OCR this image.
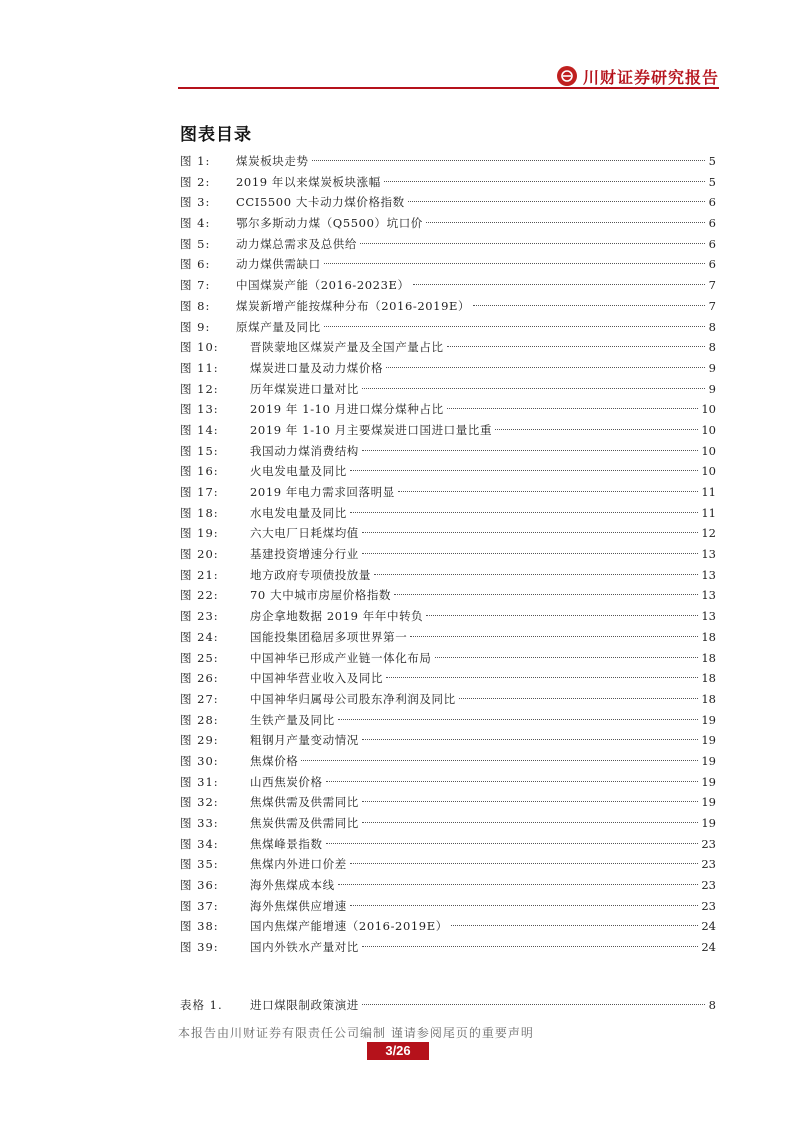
川财证券研究报告
图表目录
图 1:	煤炭板块走势	5
图 2:	2019 年以来煤炭板块涨幅	5
图 3:	CCI5500 大卡动力煤价格指数	6
图 4:	鄂尔多斯动力煤（Q5500）坑口价	6
图 5:	动力煤总需求及总供给	6
图 6:	动力煤供需缺口	6
图 7:	中国煤炭产能（2016-2023E）	7
图 8:	煤炭新增产能按煤种分布（2016-2019E）	7
图 9:	原煤产量及同比	8
图 10:	晋陕蒙地区煤炭产量及全国产量占比	8
图 11:	煤炭进口量及动力煤价格	9
图 12:	历年煤炭进口量对比	9
图 13:	2019 年 1-10 月进口煤分煤种占比	10
图 14:	2019 年 1-10 月主要煤炭进口国进口量比重	10
图 15:	我国动力煤消费结构	10
图 16:	火电发电量及同比	10
图 17:	2019 年电力需求回落明显	11
图 18:	水电发电量及同比	11
图 19:	六大电厂日耗煤均值	12
图 20:	基建投资增速分行业	13
图 21:	地方政府专项债投放量	13
图 22:	70 大中城市房屋价格指数	13
图 23:	房企拿地数据 2019 年年中转负	13
图 24:	国能投集团稳居多项世界第一	18
图 25:	中国神华已形成产业链一体化布局	18
图 26:	中国神华营业收入及同比	18
图 27:	中国神华归属母公司股东净利润及同比	18
图 28:	生铁产量及同比	19
图 29:	粗钢月产量变动情况	19
图 30:	焦煤价格	19
图 31:	山西焦炭价格	19
图 32:	焦煤供需及供需同比	19
图 33:	焦炭供需及供需同比	19
图 34:	焦煤峰景指数	23
图 35:	焦煤内外进口价差	23
图 36:	海外焦煤成本线	23
图 37:	海外焦煤供应增速	23
图 38:	国内焦煤产能增速（2016-2019E）	24
图 39:	国内外铁水产量对比	24
表格 1.	进口煤限制政策演进	8

本报告由川财证券有限责任公司编制 谨请参阅尾页的重要声明

3/26
